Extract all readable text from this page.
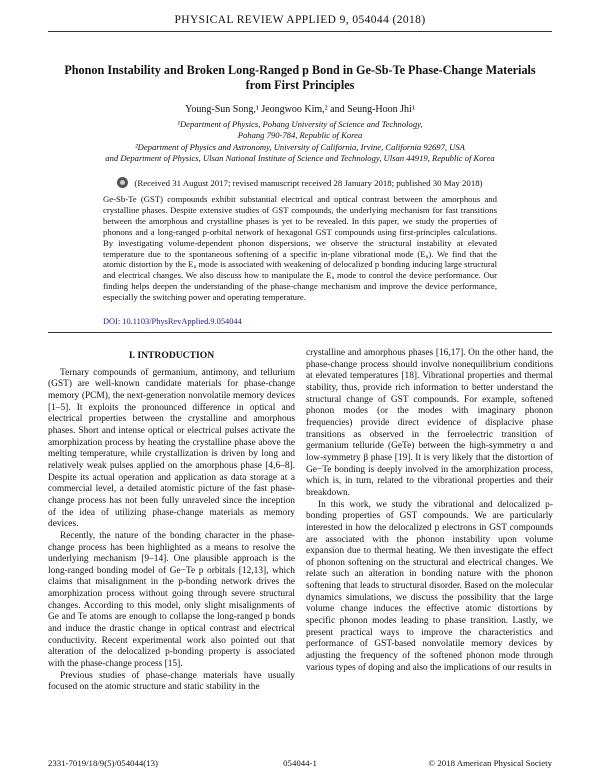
PHYSICAL REVIEW APPLIED 9, 054044 (2018)
Phonon Instability and Broken Long-Ranged p Bond in Ge-Sb-Te Phase-Change Materials from First Principles
Young-Sun Song,¹ Jeongwoo Kim,² and Seung-Hoon Jhi¹
¹Department of Physics, Pohang University of Science and Technology,
Pohang 790-784, Republic of Korea
²Department of Physics and Astronomy, University of California, Irvine, California 92697, USA
and Department of Physics, Ulsan National Institute of Science and Technology, Ulsan 44919, Republic of Korea
(Received 31 August 2017; revised manuscript received 28 January 2018; published 30 May 2018)
Ge-Sb-Te (GST) compounds exhibit substantial electrical and optical contrast between the amorphous and crystalline phases. Despite extensive studies of GST compounds, the underlying mechanism for fast transitions between the amorphous and crystalline phases is yet to be revealed. In this paper, we study the properties of phonons and a long-ranged p-orbital network of hexagonal GST compounds using first-principles calculations. By investigating volume-dependent phonon dispersions, we observe the structural instability at elevated temperature due to the spontaneous softening of a specific in-plane vibrational mode (Eᵤ). We find that the atomic distortion by the Eᵤ mode is associated with weakening of delocalized p bonding inducing large structural and electrical changes. We also discuss how to manipulate the Eᵤ mode to control the device performance. Our finding helps deepen the understanding of the phase-change mechanism and improve the device performance, especially the switching power and operating temperature.
DOI: 10.1103/PhysRevApplied.9.054044
I. INTRODUCTION

Ternary compounds of germanium, antimony, and tellurium (GST) are well-known candidate materials for phase-change memory (PCM), the next-generation nonvolatile memory devices [1–5]. It exploits the pronounced difference in optical and electrical properties between the crystalline and amorphous phases. Short and intense optical or electrical pulses activate the amorphization process by heating the crystalline phase above the melting temperature, while crystallization is driven by long and relatively weak pulses applied on the amorphous phase [4,6–8]. Despite its actual operation and application as data storage at a commercial level, a detailed atomistic picture of the fast phase-change process has not been fully unraveled since the inception of the idea of utilizing phase-change materials as memory devices.

Recently, the nature of the bonding character in the phase-change process has been highlighted as a means to resolve the underlying mechanism [9–14]. One plausible approach is the long-ranged bonding model of Ge−Te p orbitals [12,13], which claims that misalignment in the p-bonding network drives the amorphization process without going through severe structural changes. According to this model, only slight misalignments of Ge and Te atoms are enough to collapse the long-ranged p bonds and induce the drastic change in optical contrast and electrical conductivity. Recent experimental work also pointed out that alteration of the delocalized p-bonding property is associated with the phase-change process [15].

Previous studies of phase-change materials have usually focused on the atomic structure and static stability in the

crystalline and amorphous phases [16,17]. On the other hand, the phase-change process should involve nonequilibrium conditions at elevated temperatures [18]. Vibrational properties and thermal stability, thus, provide rich information to better understand the structural change of GST compounds. For example, softened phonon modes (or the modes with imaginary phonon frequencies) provide direct evidence of displacive phase transitions as observed in the ferroelectric transition of germanium telluride (GeTe) between the high-symmetry α and low-symmetry β phase [19]. It is very likely that the distortion of Ge−Te bonding is deeply involved in the amorphization process, which is, in turn, related to the vibrational properties and their breakdown.

In this work, we study the vibrational and delocalized p-bonding properties of GST compounds. We are particularly interested in how the delocalized p electrons in GST compounds are associated with the phonon instability upon volume expansion due to thermal heating. We then investigate the effect of phonon softening on the structural and electrical changes. We relate such an alteration in bonding nature with the phonon softening that leads to structural disorder. Based on the molecular dynamics simulations, we discuss the possibility that the large volume change induces the effective atomic distortions by specific phonon modes leading to phase transition. Lastly, we present practical ways to improve the characteristics and performance of GST-based nonvolatile memory devices by adjusting the frequency of the softened phonon mode through various types of doping and also the implications of our results in

2331-7019/18/9(5)/054044(13)	054044-1	© 2018 American Physical Society
